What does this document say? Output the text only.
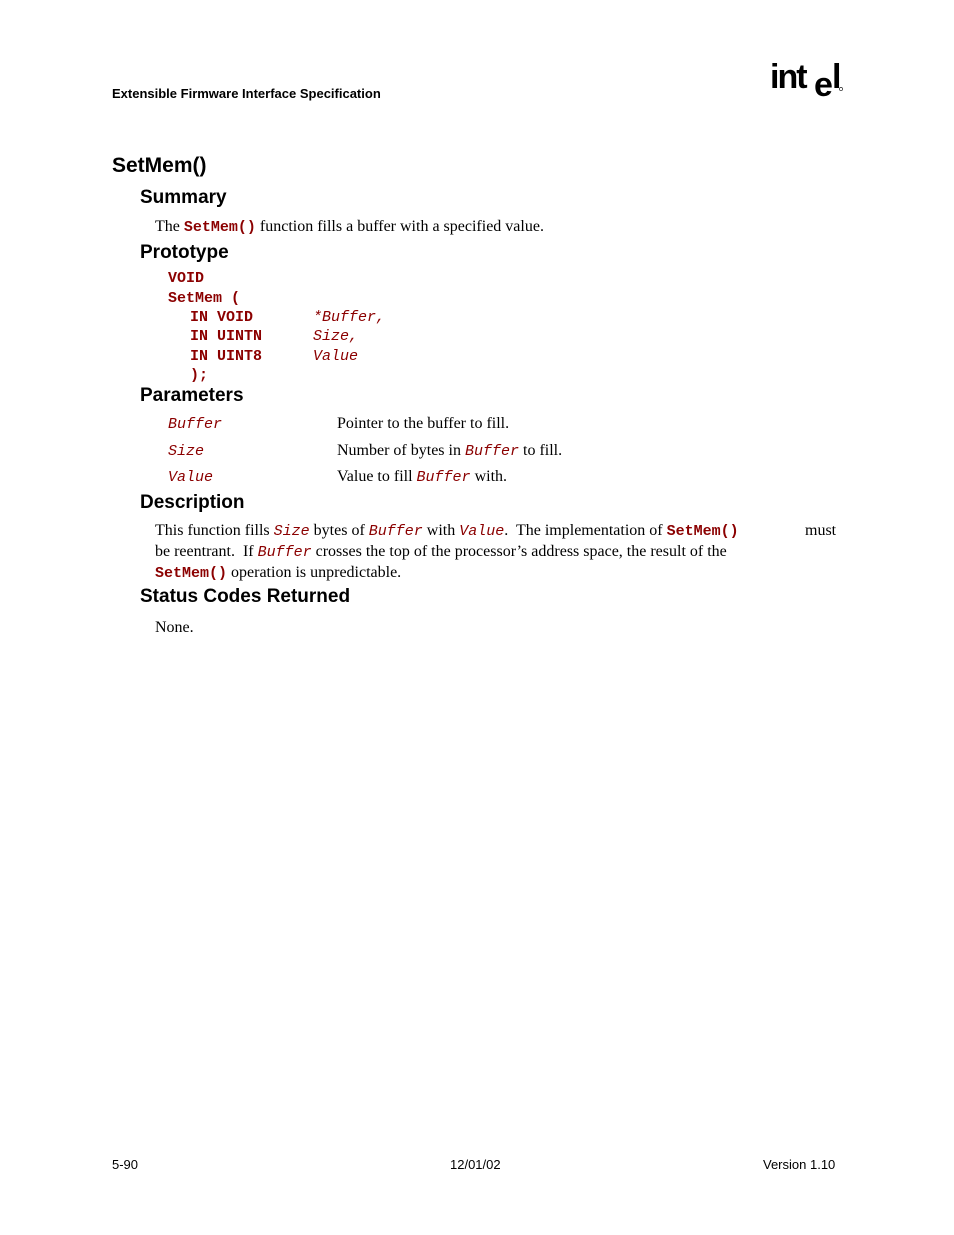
Extensible Firmware Interface Specification	int e l
SetMem()
Summary
The SetMem() function fills a buffer with a specified value.
Prototype
VOID
SetMem (
IN VOID	*Buffer,
IN UINTN	Size,
IN UINT8	Value
);
Parameters
Buffer	Pointer to the buffer to fill.
Size	Number of bytes in Buffer to fill.
Value	Value to fill Buffer with.
Description
This function fills Size bytes of Buffer with Value.  The implementation of SetMem()	must
be reentrant.  If Buffer crosses the top of the processor’s address space, the result of the
SetMem() operation is unpredictable.
Status Codes Returned
None.
5-90	12/01/02	Version 1.10
